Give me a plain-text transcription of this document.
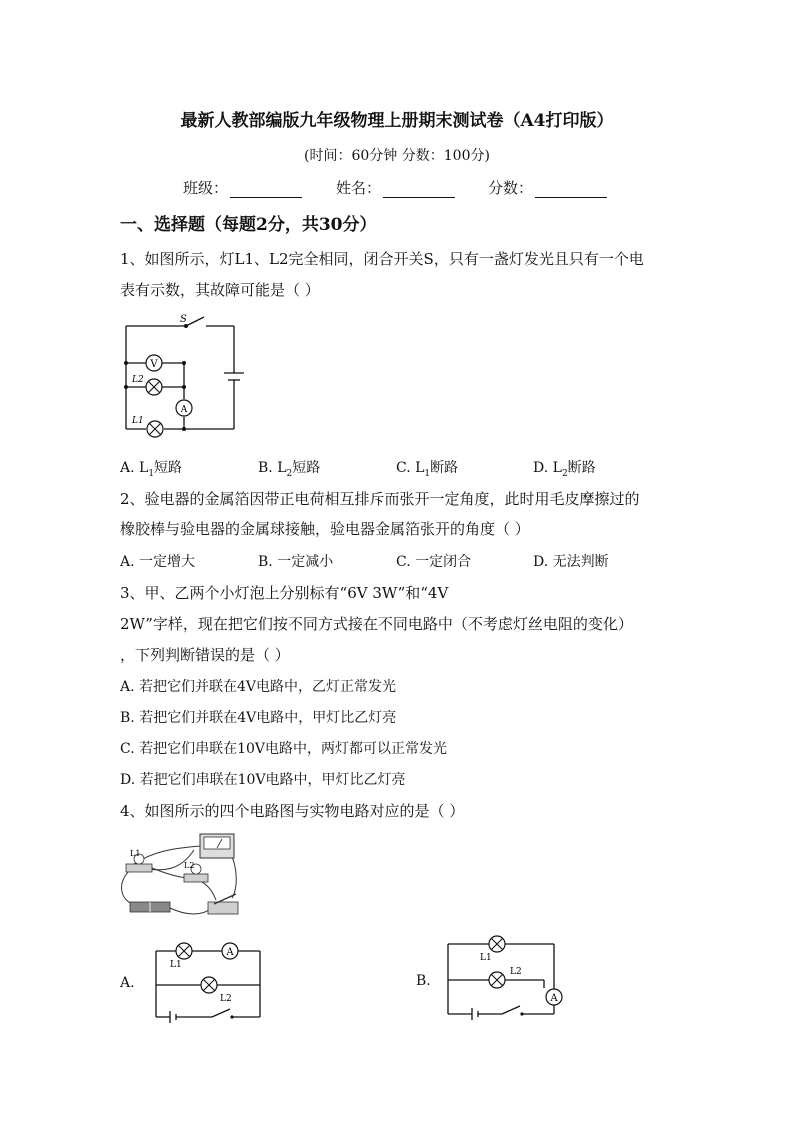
最新人教部编版九年级物理上册期末测试卷（A4打印版）
(时间：60分钟 分数：100分)
班级：	姓名：	分数：
一、选择题（每题2分，共30分）
1、如图所示，灯L1、L2完全相同，闭合开关S，只有一盏灯发光且只有一个电
表有示数，其故障可能是（ ）
V
A
S
L2
L1
A. $L_1$短路	B. $L_2$短路	C. $L_1$断路	D. $L_2$断路
2、验电器的金属箔因带正电荷相互排斥而张开一定角度，此时用毛皮摩擦过的
橡胶棒与验电器的金属球接触，验电器金属箔张开的角度（ ）
A. 一定增大	B. 一定减小	C. 一定闭合	D. 无法判断
3、甲、乙两个小灯泡上分别标有“6V 3W”和“4V
2W”字样，现在把它们按不同方式接在不同电路中（不考虑灯丝电阻的变化）
，下列判断错误的是（ ）
A. 若把它们并联在4V电路中，乙灯正常发光
B. 若把它们并联在4V电路中，甲灯比乙灯亮
C. 若把它们串联在10V电路中，两灯都可以正常发光
D. 若把它们串联在10V电路中，甲灯比乙灯亮
4、如图所示的四个电路图与实物电路对应的是（ ）
L1
L2
A.
A
L1
L2
B.
A
L1
L2
